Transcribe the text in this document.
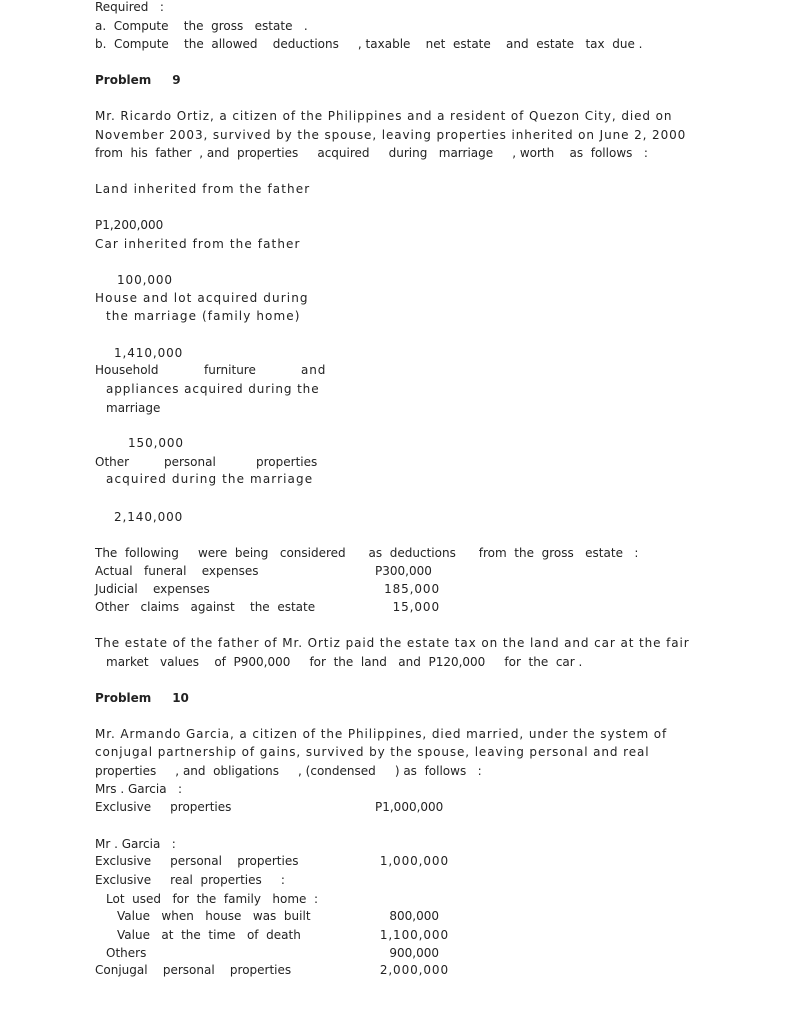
Required   :
a.  Compute    the  gross   estate   .
b.  Compute    the  allowed    deductions     , taxable    net  estate    and  estate   tax  due .
Problem     9
Mr. Ricardo Ortiz, a citizen of the Philippines and a resident of Quezon City, died on
November 2003, survived by the spouse, leaving properties inherited on June 2, 2000
from  his  father  , and  properties     acquired     during   marriage     , worth    as  follows   :
Land inherited from the father
P1,200,000
Car inherited from the father
100,000
House and lot acquired during
the marriage (family home)
1,410,000
Household	furniture	and
appliances acquired during the
marriage
150,000
Other	personal	properties
acquired during the marriage
2,140,000
The  following     were  being   considered      as  deductions      from  the  gross   estate   :
Actual   funeral    expenses	P300,000
Judicial    expenses	185,000
Other   claims   against    the  estate	15,000
The estate of the father of Mr. Ortiz paid the estate tax on the land and car at the fair
market   values    of  P900,000     for  the  land   and  P120,000     for  the  car .
Problem     10
Mr. Armando Garcia, a citizen of the Philippines, died married, under the system of
conjugal partnership of gains, survived by the spouse, leaving personal and real
properties     , and  obligations     , (condensed     ) as  follows   :
Mrs . Garcia   :
Exclusive     properties	P1,000,000
Mr . Garcia   :
Exclusive     personal    properties	1,000,000
Exclusive     real  properties     :
Lot  used   for  the  family   home  :
Value   when   house   was  built	800,000
Value   at  the  time   of  death	1,100,000
Others	900,000
Conjugal    personal    properties	2,000,000
